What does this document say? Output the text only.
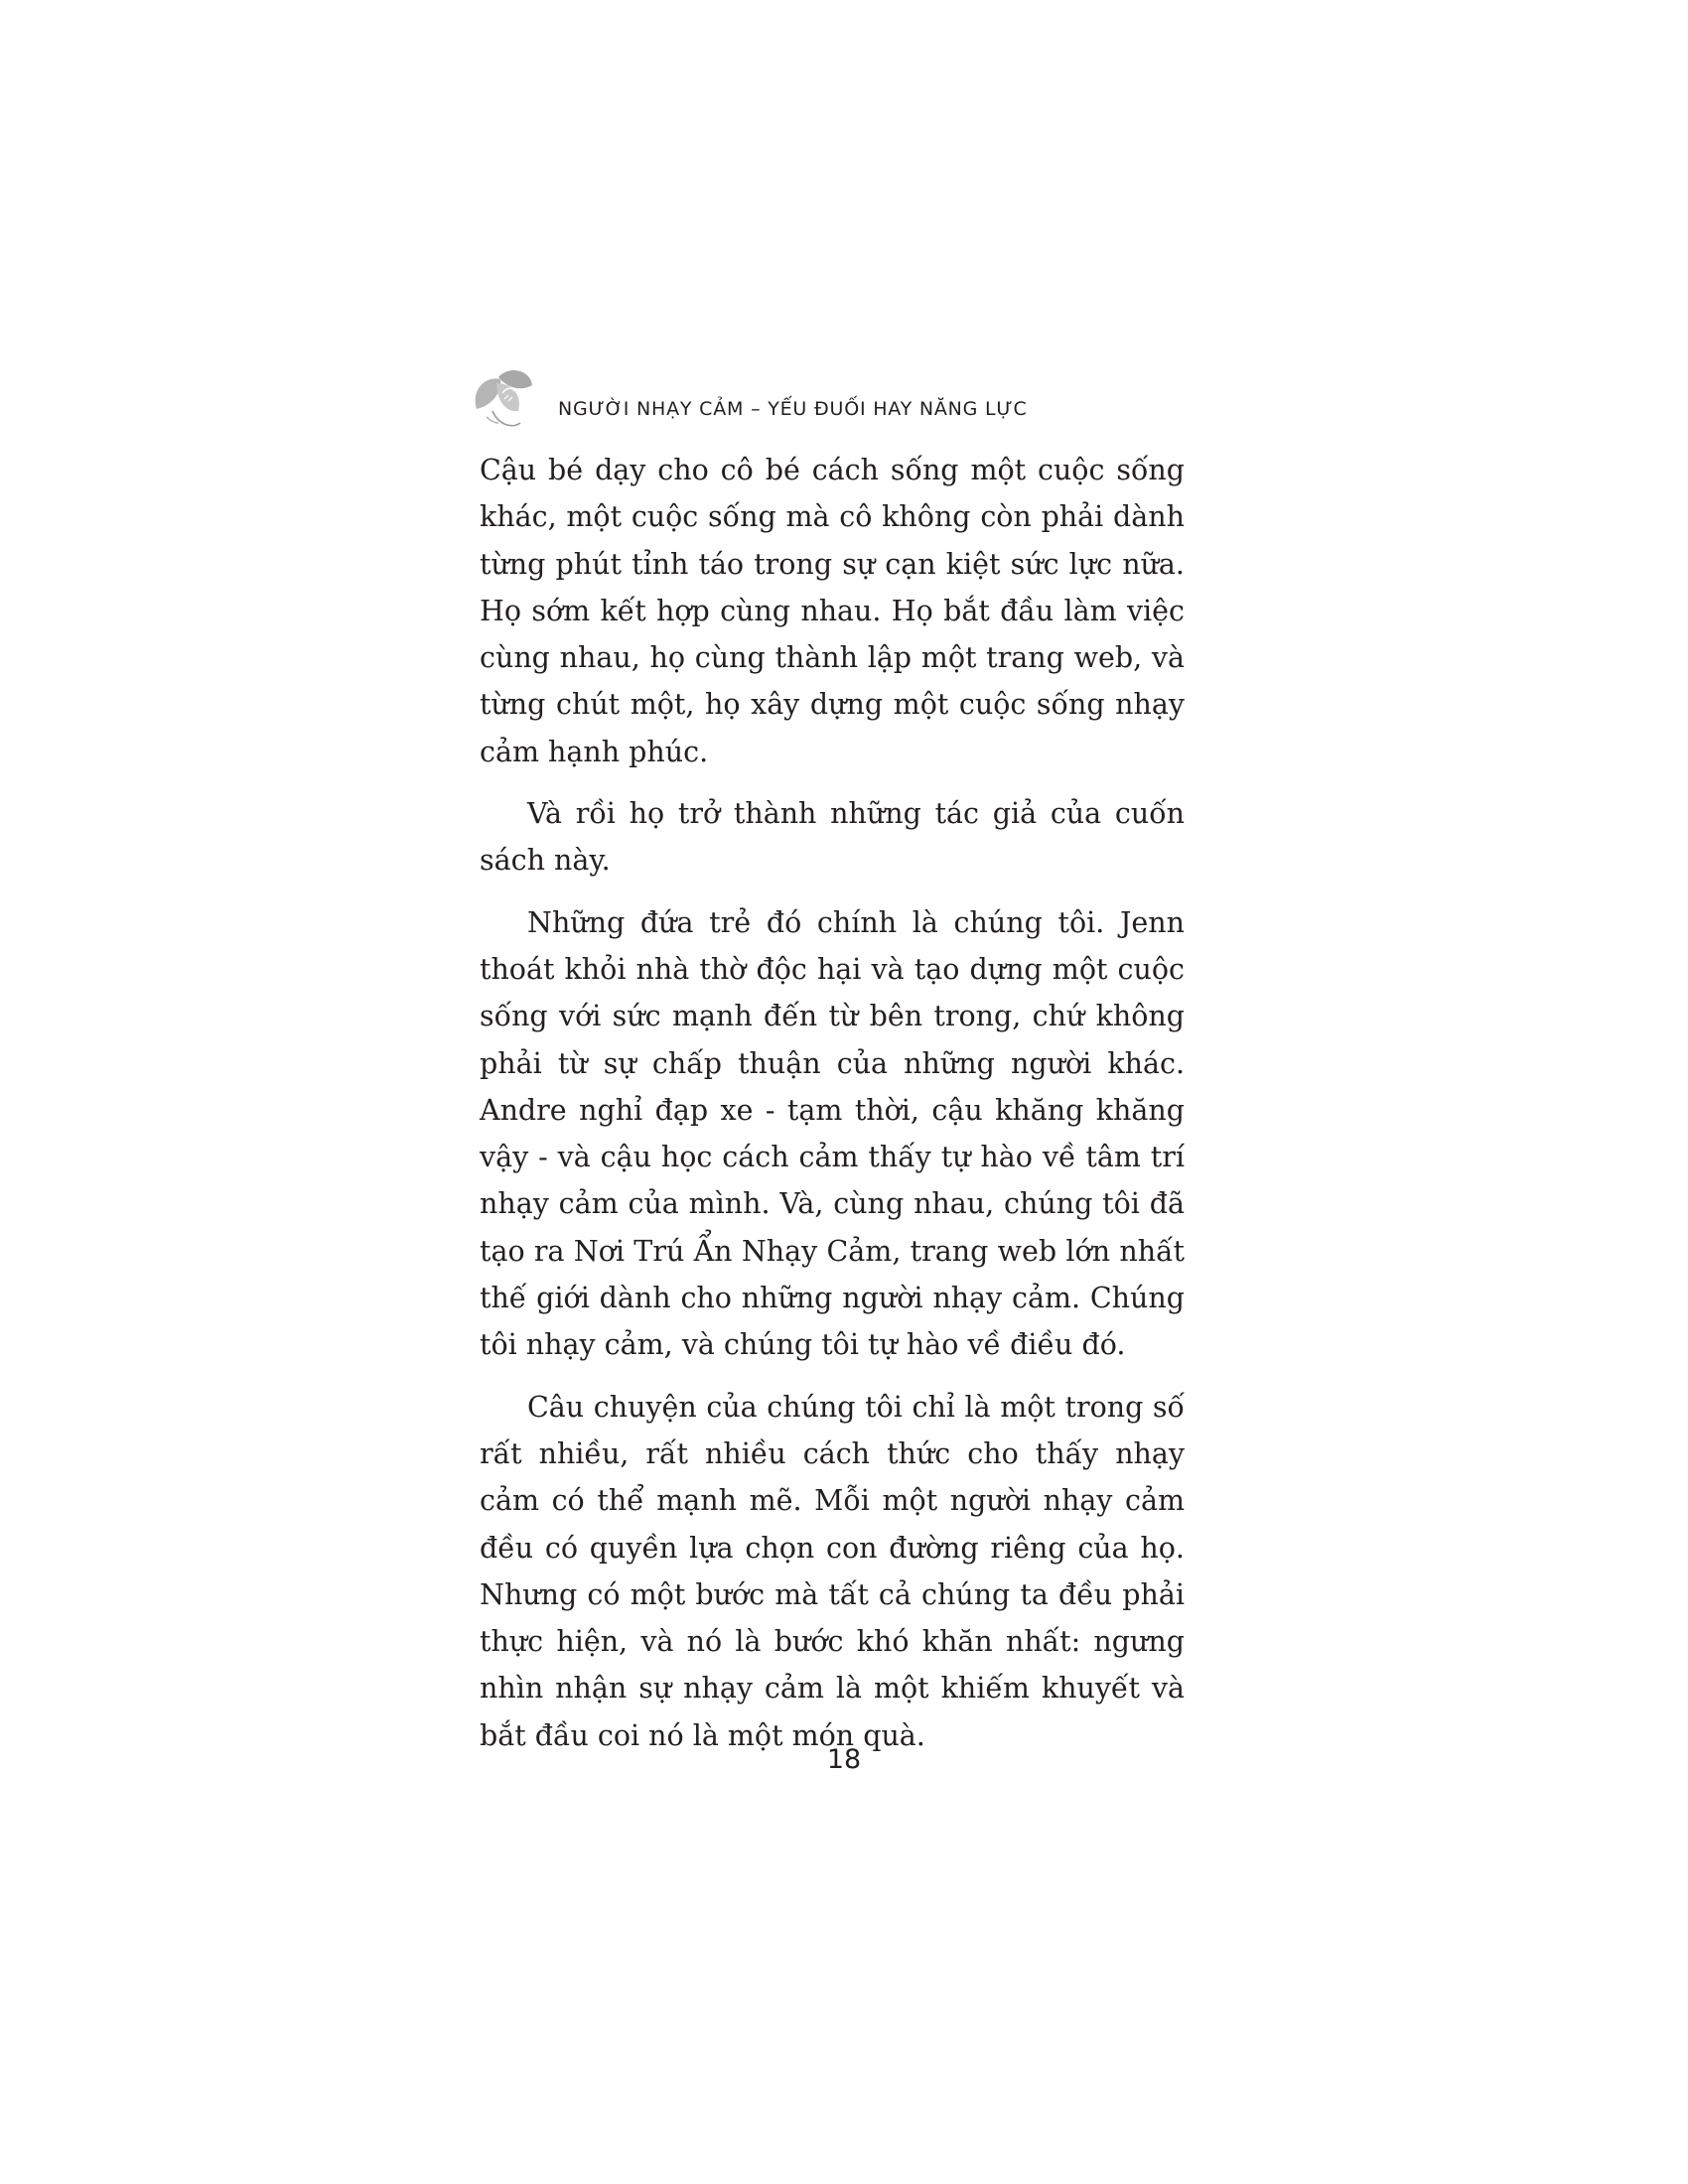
NGƯỜI NHẠY CẢM – YẾU ĐUỐI HAY NĂNG LỰC

Cậu bé dạy cho cô bé cách sống một cuộc sống khác, một cuộc sống mà cô không còn phải dành từng phút tỉnh táo trong sự cạn kiệt sức lực nữa. Họ sớm kết hợp cùng nhau. Họ bắt đầu làm việc cùng nhau, họ cùng thành lập một trang web, và từng chút một, họ xây dựng một cuộc sống nhạy cảm hạnh phúc.

Và rồi họ trở thành những tác giả của cuốn sách này.

Những đứa trẻ đó chính là chúng tôi. Jenn thoát khỏi nhà thờ độc hại và tạo dựng một cuộc sống với sức mạnh đến từ bên trong, chứ không phải từ sự chấp thuận của những người khác. Andre nghỉ đạp xe - tạm thời, cậu khăng khăng vậy - và cậu học cách cảm thấy tự hào về tâm trí nhạy cảm của mình. Và, cùng nhau, chúng tôi đã tạo ra Nơi Trú Ẩn Nhạy Cảm, trang web lớn nhất thế giới dành cho những người nhạy cảm. Chúng tôi nhạy cảm, và chúng tôi tự hào về điều đó.

Câu chuyện của chúng tôi chỉ là một trong số rất nhiều, rất nhiều cách thức cho thấy nhạy cảm có thể mạnh mẽ. Mỗi một người nhạy cảm đều có quyền lựa chọn con đường riêng của họ. Nhưng có một bước mà tất cả chúng ta đều phải thực hiện, và nó là bước khó khăn nhất: ngưng nhìn nhận sự nhạy cảm là một khiếm khuyết và bắt đầu coi nó là một món quà.

18
